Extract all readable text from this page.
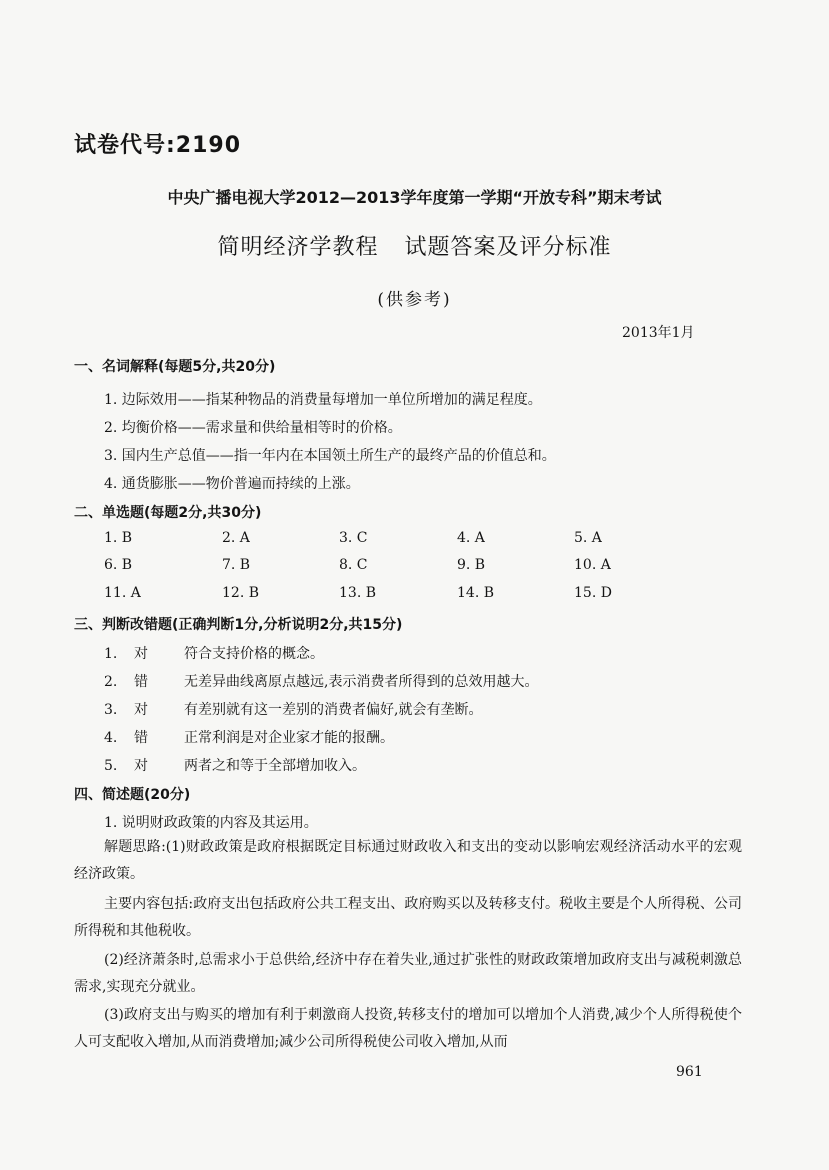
试卷代号:2190
中央广播电视大学2012—2013学年度第一学期“开放专科”期末考试
简明经济学教程 试题答案及评分标准
(供参考)
2013年1月
一、名词解释(每题5分,共20分)
1. 边际效用——指某种物品的消费量每增加一单位所增加的满足程度。
2. 均衡价格——需求量和供给量相等时的价格。
3. 国内生产总值——指一年内在本国领土所生产的最终产品的价值总和。
4. 通货膨胀——物价普遍而持续的上涨。
二、单选题(每题2分,共30分)
1. B	2. A	3. C	4. A	5. A
6. B	7. B	8. C	9. B	10. A
11. A	12. B	13. B	14. B	15. D
三、判断改错题(正确判断1分,分析说明2分,共15分)
1. 对	符合支持价格的概念。
2. 错	无差异曲线离原点越远,表示消费者所得到的总效用越大。
3. 对	有差别就有这一差别的消费者偏好,就会有垄断。
4. 错	正常利润是对企业家才能的报酬。
5. 对	两者之和等于全部增加收入。
四、简述题(20分)
1. 说明财政政策的内容及其运用。
解题思路:(1)财政政策是政府根据既定目标通过财政收入和支出的变动以影响宏观经济活动水平的宏观经济政策。
主要内容包括:政府支出包括政府公共工程支出、政府购买以及转移支付。税收主要是个人所得税、公司所得税和其他税收。
(2)经济萧条时,总需求小于总供给,经济中存在着失业,通过扩张性的财政政策增加政府支出与减税刺激总需求,实现充分就业。
(3)政府支出与购买的增加有利于刺激商人投资,转移支付的增加可以增加个人消费,减少个人所得税使个人可支配收入增加,从而消费增加;减少公司所得税使公司收入增加,从而
961
